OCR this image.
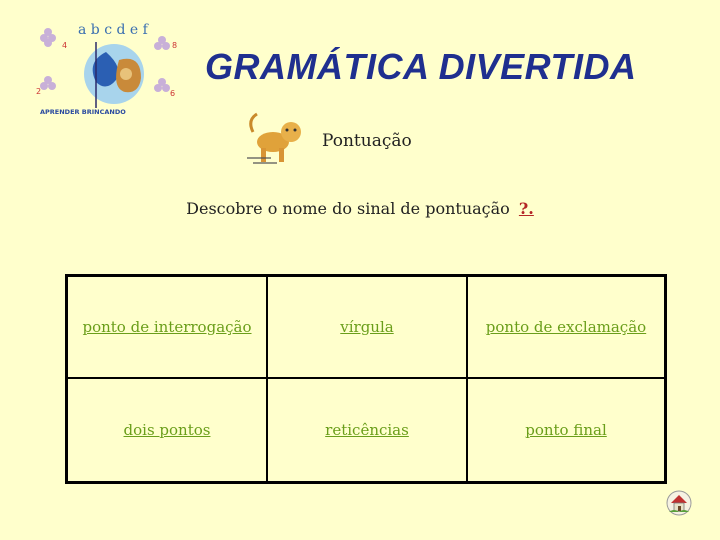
a b c d e f
4	8
2	6
APRENDER BRINCANDO
GRAMÁTICA DIVERTIDA
Pontuação
Descobre o nome do sinal de pontuação ?.
ponto de interrogação	vírgula	ponto de exclamação
dois pontos	reticências	ponto final
